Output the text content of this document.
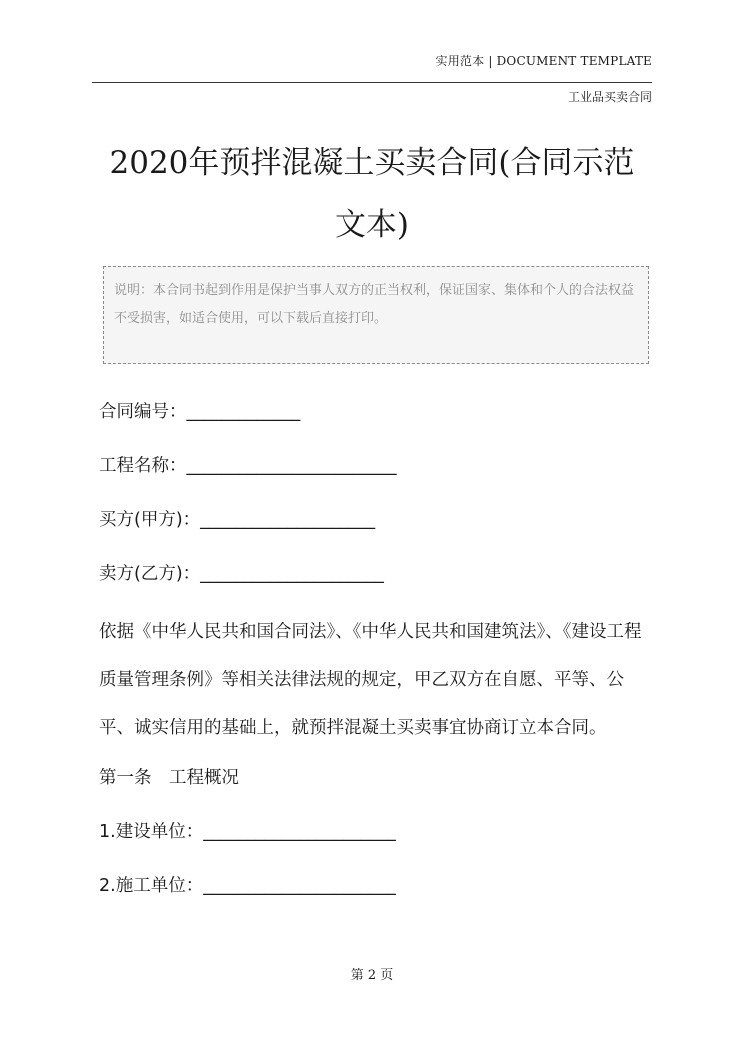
实用范本 | DOCUMENT TEMPLATE
工业品买卖合同
2020年预拌混凝土买卖合同(合同示范文本)
说明：本合同书起到作用是保护当事人双方的正当权利，保证国家、集体和个人的合法权益不受损害，如适合使用，可以下载后直接打印。
合同编号：_____________
工程名称：________________________
买方(甲方)：____________________
卖方(乙方)：_____________________
依据《中华人民共和国合同法》、《中华人民共和国建筑法》、《建设工程质量管理条例》等相关法律法规的规定，甲乙双方在自愿、平等、公平、诚实信用的基础上，就预拌混凝土买卖事宜协商订立本合同。
第一条　工程概况
1.建设单位：______________________
2.施工单位：______________________
第 2 页
